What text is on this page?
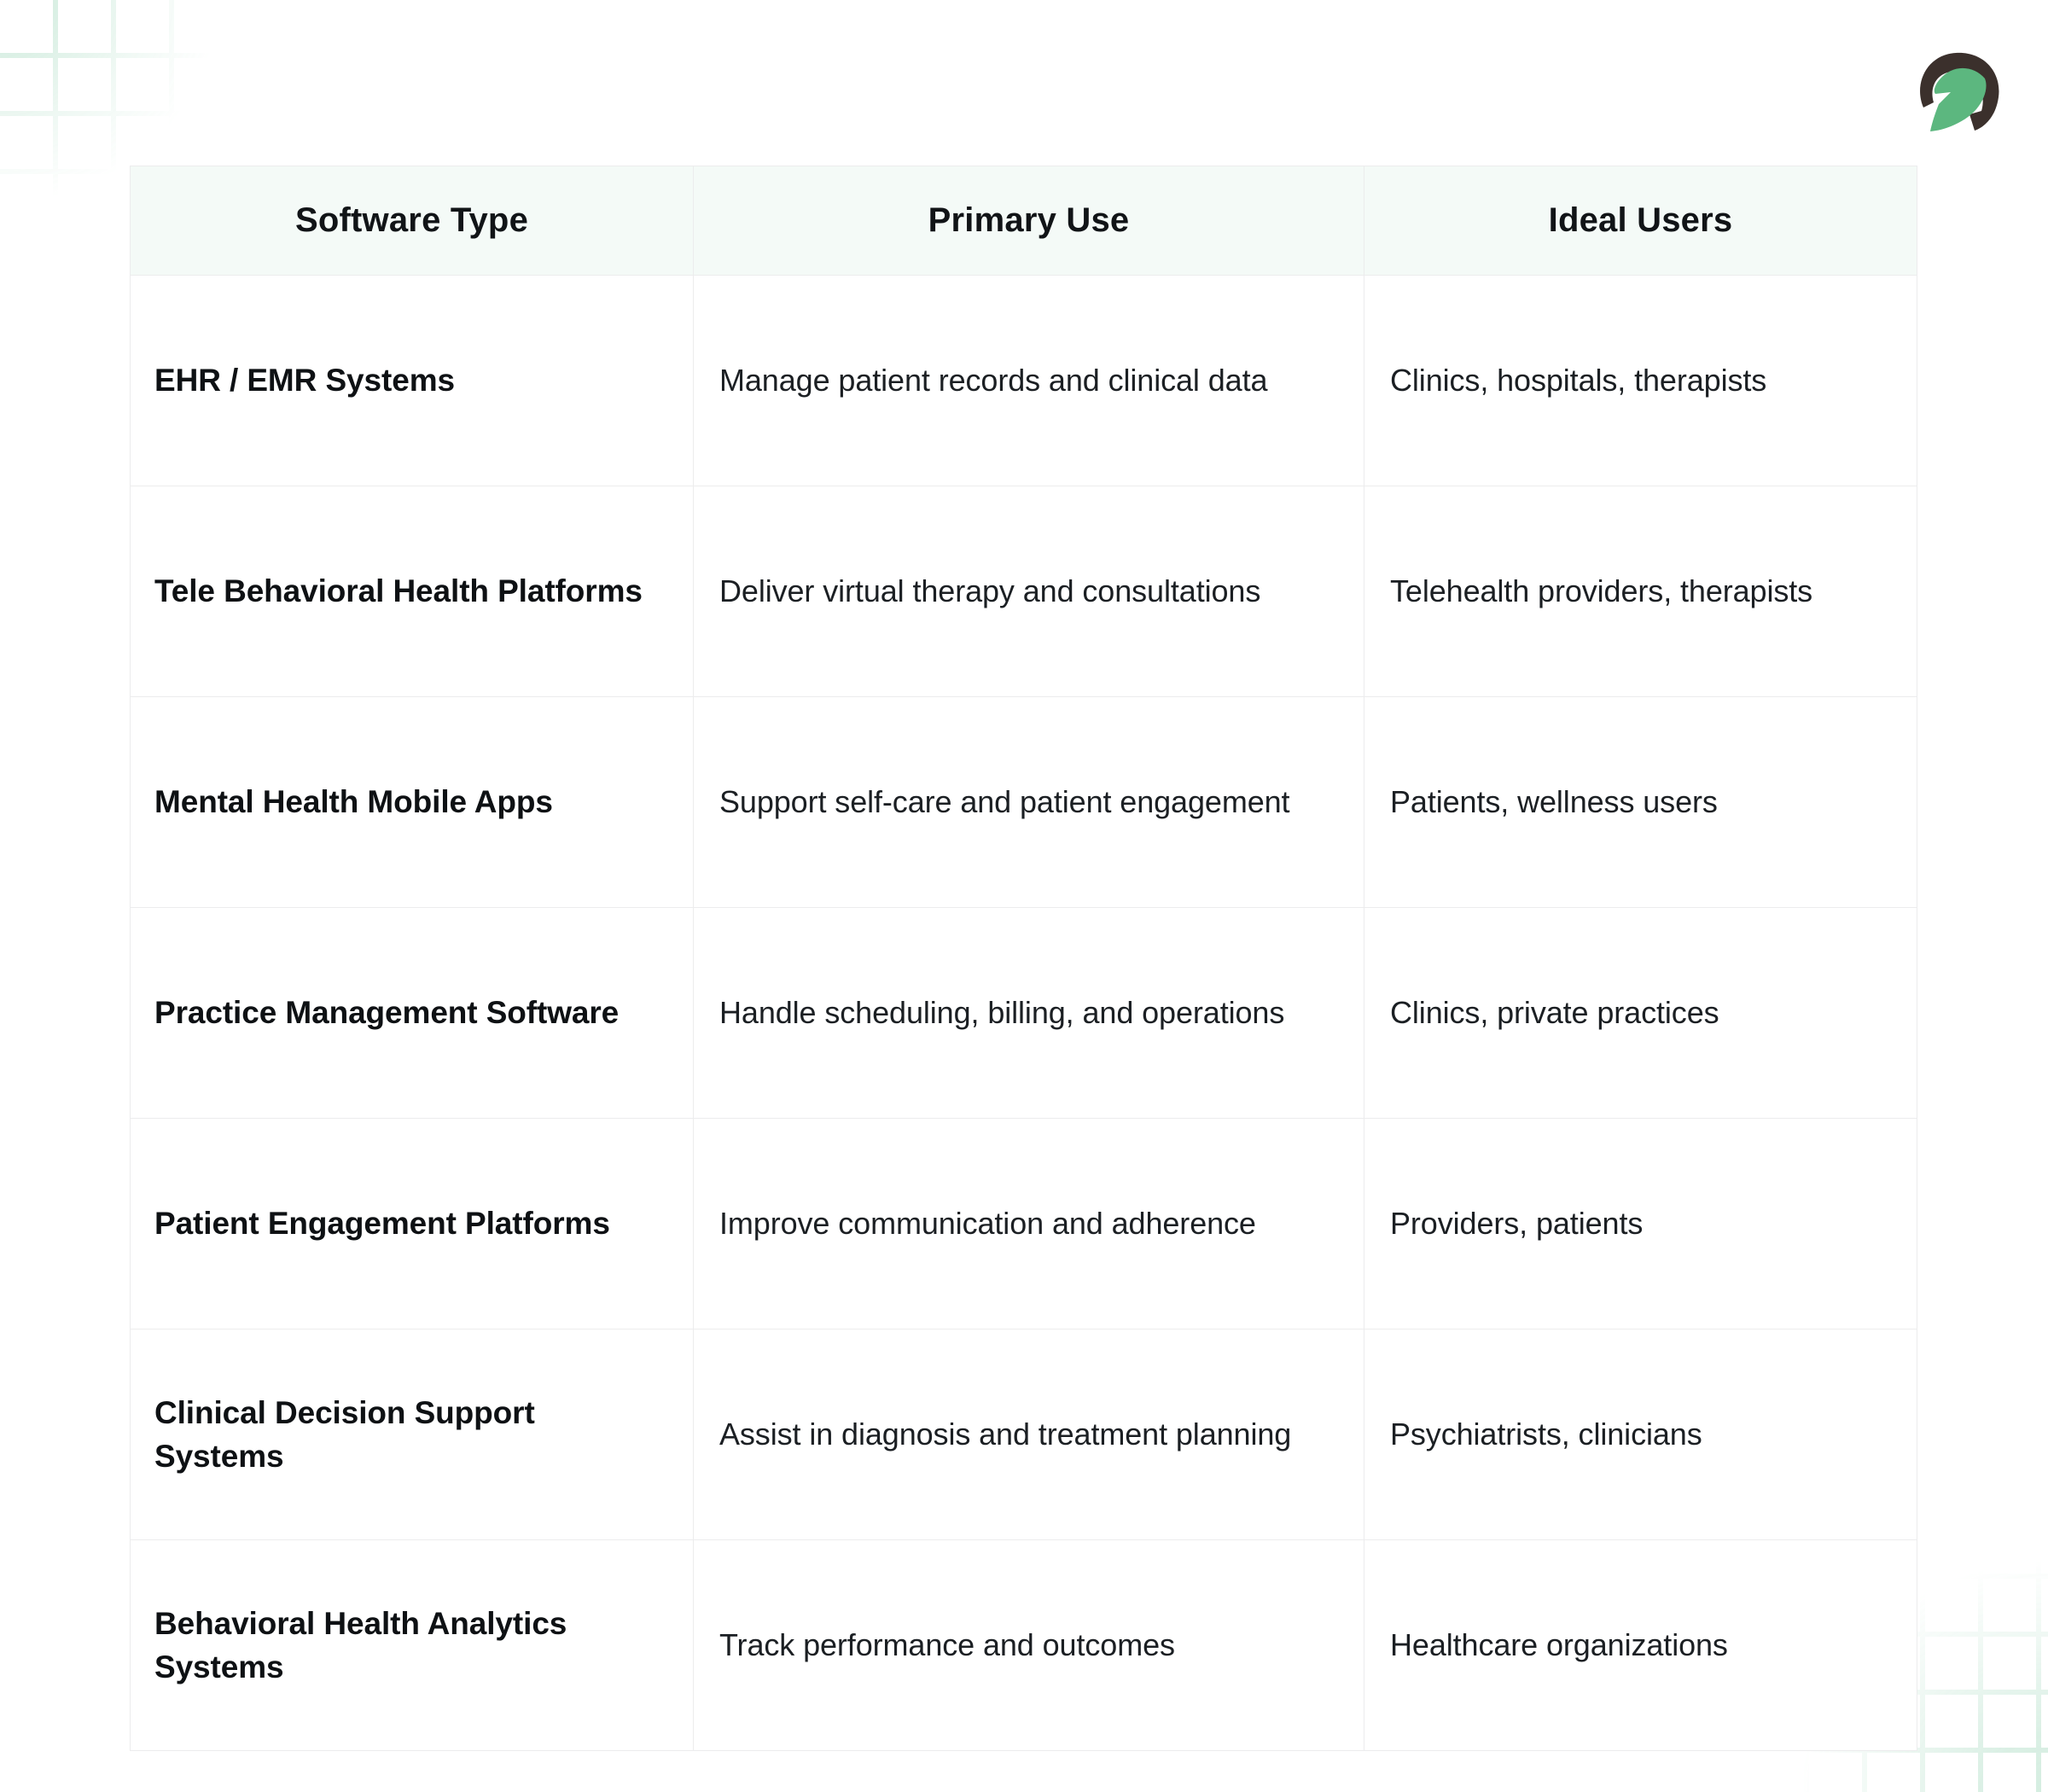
Software Type	Primary Use	Ideal Users
EHR / EMR Systems	Manage patient records and clinical data	Clinics, hospitals, therapists
Tele Behavioral Health Platforms	Deliver virtual therapy and consultations	Telehealth providers, therapists
Mental Health Mobile Apps	Support self-care and patient engagement	Patients, wellness users
Practice Management Software	Handle scheduling, billing, and operations	Clinics, private practices
Patient Engagement Platforms	Improve communication and adherence	Providers, patients
Clinical Decision Support Systems	Assist in diagnosis and treatment planning	Psychiatrists, clinicians
Behavioral Health Analytics Systems	Track performance and outcomes	Healthcare organizations
